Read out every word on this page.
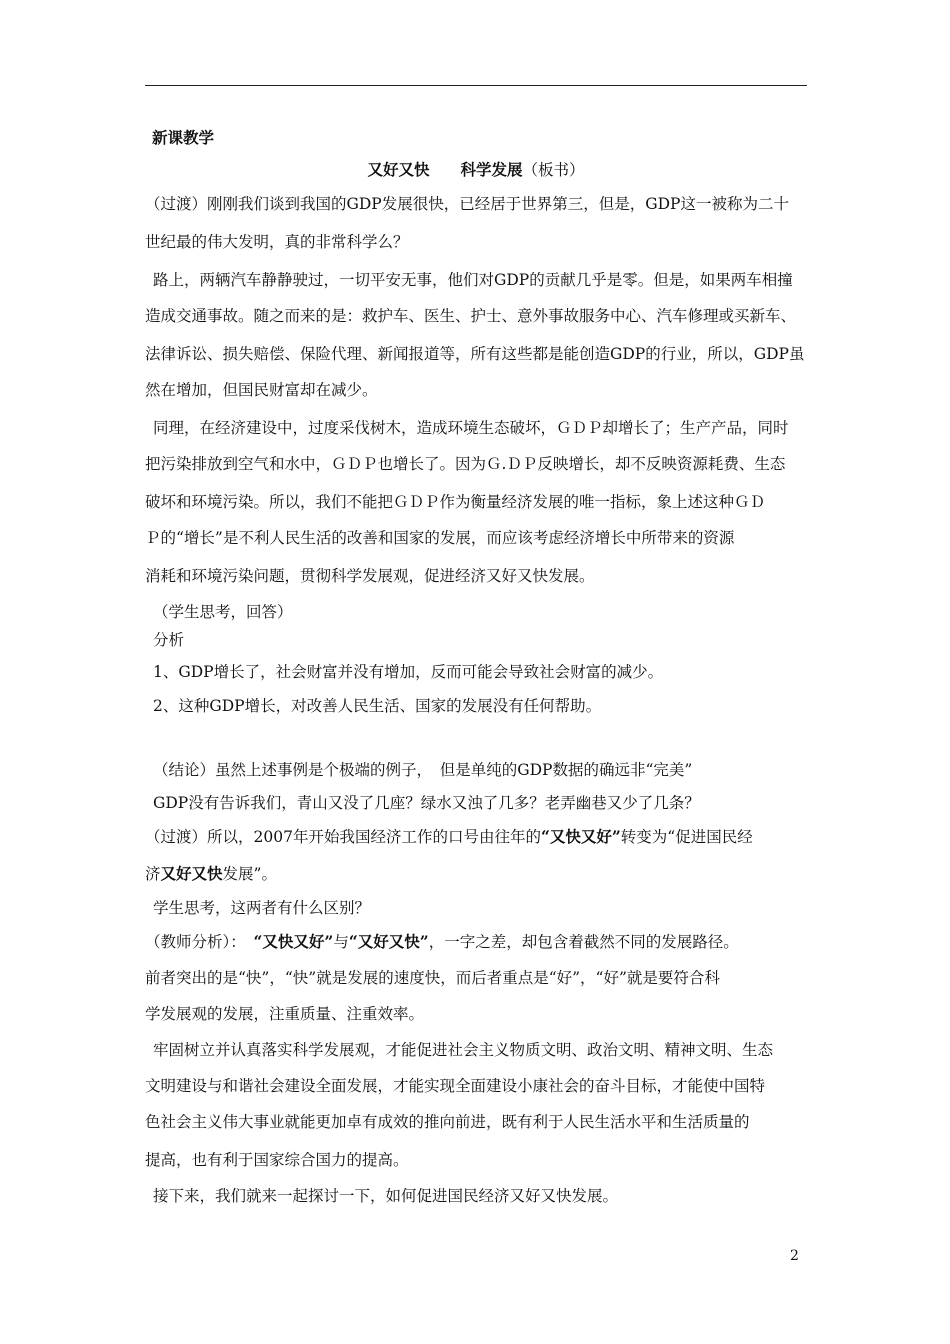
新课教学
又好又快　　科学发展（板书）
（过渡）刚刚我们谈到我国的GDP发展很快，已经居于世界第三，但是，GDP这一被称为二十
世纪最的伟大发明，真的非常科学么？
路上，两辆汽车静静驶过，一切平安无事，他们对GDP的贡献几乎是零。但是，如果两车相撞
造成交通事故。随之而来的是：救护车、医生、护士、意外事故服务中心、汽车修理或买新车、
法律诉讼、损失赔偿、保险代理、新闻报道等，所有这些都是能创造GDP的行业，所以，GDP虽
然在增加，但国民财富却在减少。
同理，在经济建设中，过度采伐树木，造成环境生态破坏，ＧＤＰ却增长了；生产产品，同时
把污染排放到空气和水中，ＧＤＰ也增长了。因为Ｇ.ＤＰ反映增长，却不反映资源耗费、生态
破坏和环境污染。所以，我们不能把ＧＤＰ作为衡量经济发展的唯一指标，象上述这种ＧＤ
Ｐ的“增长”是不利人民生活的改善和国家的发展，而应该考虑经济增长中所带来的资源
消耗和环境污染问题，贯彻科学发展观，促进经济又好又快发展。
（学生思考，回答）
分析
1、GDP增长了，社会财富并没有增加，反而可能会导致社会财富的减少。
2、这种GDP增长，对改善人民生活、国家的发展没有任何帮助。
（结论）虽然上述事例是个极端的例子，　但是单纯的GDP数据的确远非“完美”
GDP没有告诉我们，青山又没了几座？绿水又浊了几多？老弄幽巷又少了几条？
（过渡）所以，2007年开始我国经济工作的口号由往年的“又快又好”转变为“促进国民经
济又好又快发展”。
学生思考，这两者有什么区别？
（教师分析）：　“又快又好”与“又好又快”，一字之差，却包含着截然不同的发展路径。
前者突出的是“快”，“快”就是发展的速度快，而后者重点是“好”，“好”就是要符合科
学发展观的发展，注重质量、注重效率。
牢固树立并认真落实科学发展观，才能促进社会主义物质文明、政治文明、精神文明、生态
文明建设与和谐社会建设全面发展，才能实现全面建设小康社会的奋斗目标，才能使中国特
色社会主义伟大事业就能更加卓有成效的推向前进，既有利于人民生活水平和生活质量的
提高，也有利于国家综合国力的提高。
接下来，我们就来一起探讨一下，如何促进国民经济又好又快发展。
2
